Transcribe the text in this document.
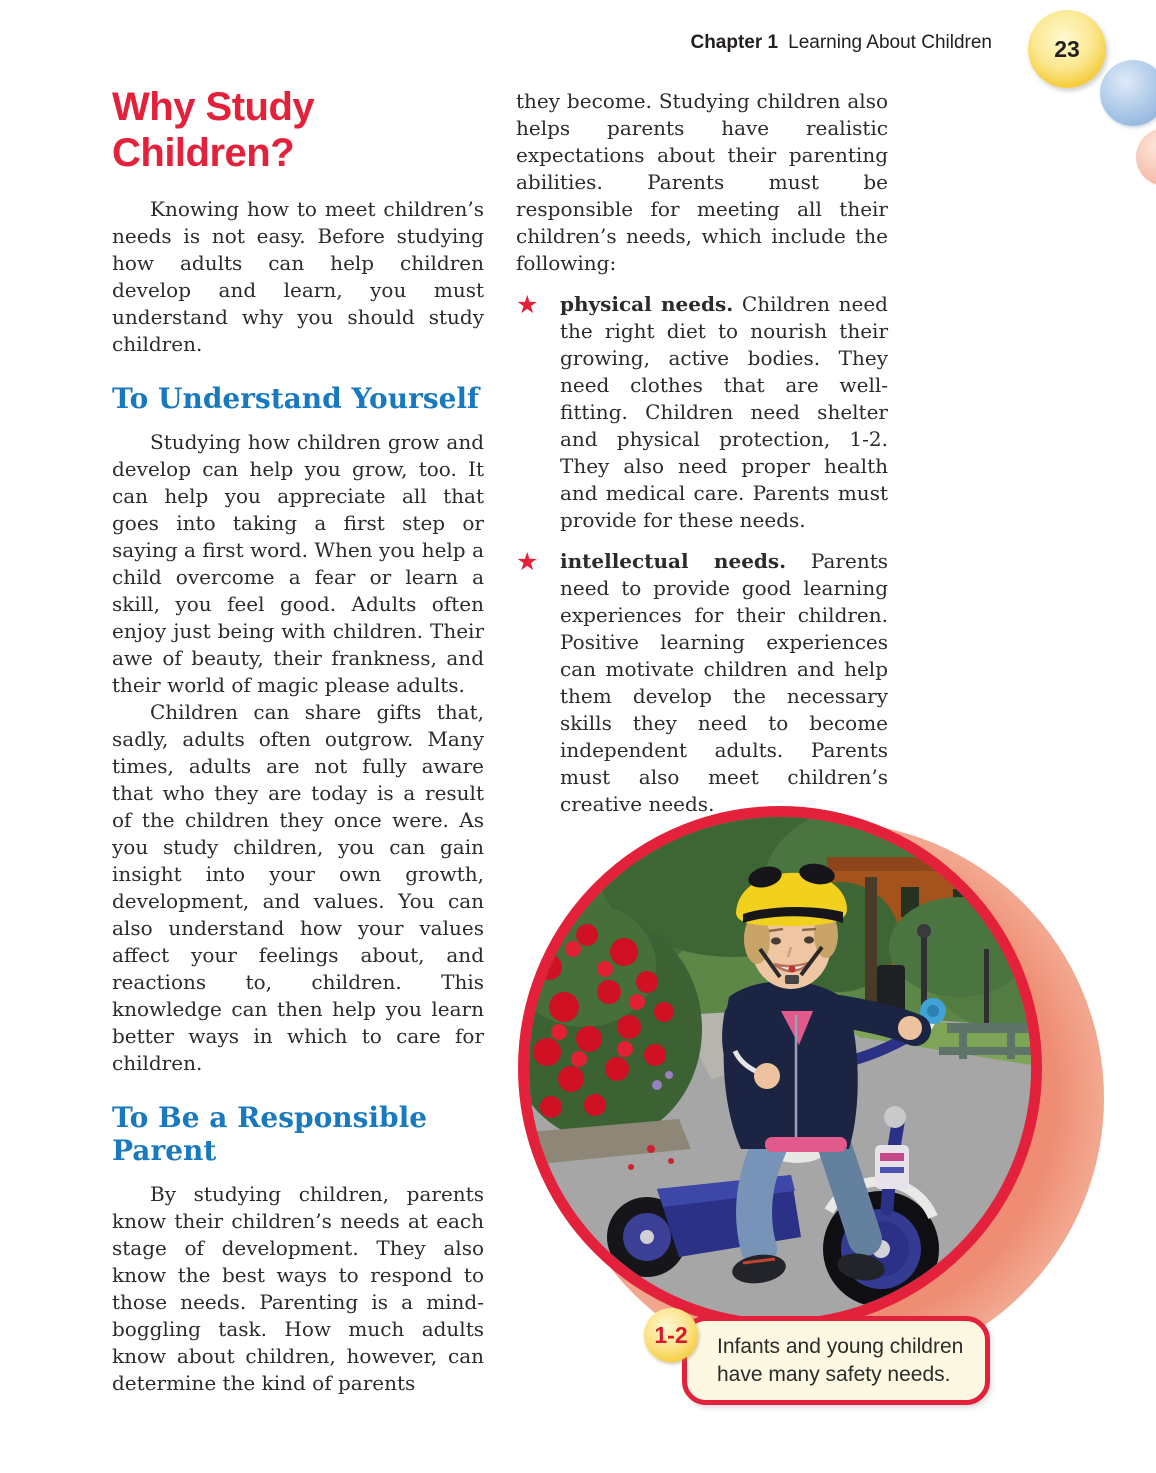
Chapter 1 Learning About Children	23
Why Study Children?

Knowing how to meet children’s needs is not easy. Before studying how adults can help children develop and learn, you must understand why you should study children.

To Understand Yourself

Studying how children grow and develop can help you grow, too. It can help you appreciate all that goes into taking a first step or saying a first word. When you help a child overcome a fear or learn a skill, you feel good. Adults often enjoy just being with children. Their awe of beauty, their frankness, and their world of magic please adults.

Children can share gifts that, sadly, adults often outgrow. Many times, adults are not fully aware that who they are today is a result of the children they once were. As you study children, you can gain insight into your own growth, development, and values. You can also understand how your values affect your feelings about, and reactions to, children. This knowledge can then help you learn better ways in which to care for children.

To Be a Responsible Parent

By studying children, parents know their children’s needs at each stage of development. They also know the best ways to respond to those needs. Parenting is a mind-boggling task. How much adults know about children, however, can determine the kind of parents

they become. Studying children also helps parents have realistic expectations about their parenting abilities. Parents must be responsible for meeting all their children’s needs, which include the following:

★	physical needs. Children need the right diet to nourish their growing, active bodies. They need clothes that are well-fitting. Children need shelter and physical protection, 1-2. They also need proper health and medical care. Parents must provide for these needs.
★	intellectual needs. Parents need to provide good learning experiences for their children. Positive learning experiences can motivate children and help them develop the necessary skills they need to become independent adults. Parents must also meet children’s creative needs.
1-2	Infants and young children have many safety needs.
